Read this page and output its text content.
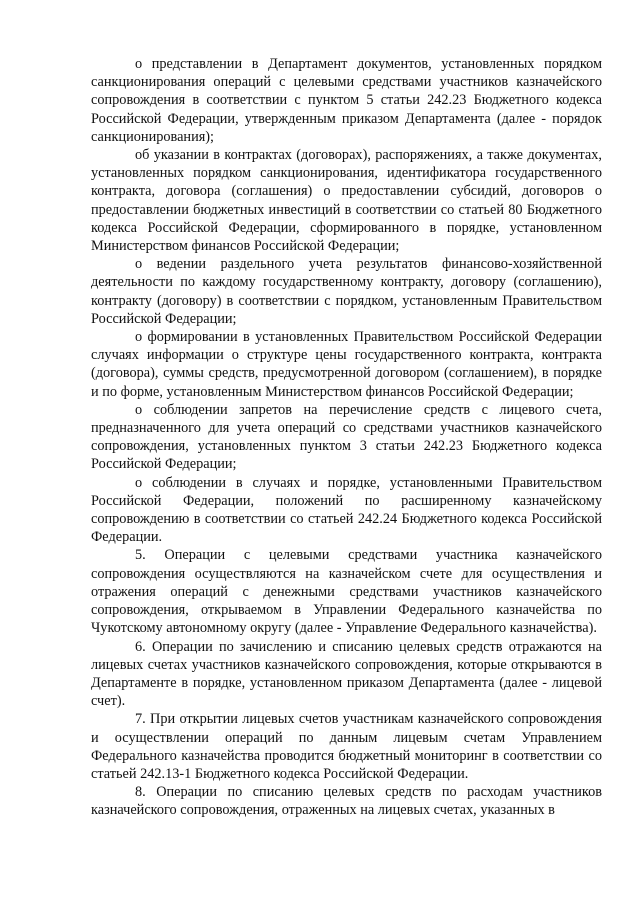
о представлении в Департамент документов, установленных порядком санкционирования операций с целевыми средствами участников казначейского сопровождения в соответствии с пунктом 5 статьи 242.23 Бюджетного кодекса Российской Федерации, утвержденным приказом Департамента (далее - порядок санкционирования);

об указании в контрактах (договорах), распоряжениях, а также документах, установленных порядком санкционирования, идентификатора государственного контракта, договора (соглашения) о предоставлении субсидий, договоров о предоставлении бюджетных инвестиций в соответствии со статьей 80 Бюджетного кодекса Российской Федерации, сформированного в порядке, установленном Министерством финансов Российской Федерации;

о ведении раздельного учета результатов финансово-хозяйственной деятельности по каждому государственному контракту, договору (соглашению), контракту (договору) в соответствии с порядком, установленным Правительством Российской Федерации;

о формировании в установленных Правительством Российской Федерации случаях информации о структуре цены государственного контракта, контракта (договора), суммы средств, предусмотренной договором (соглашением), в порядке и по форме, установленным Министерством финансов Российской Федерации;

о соблюдении запретов на перечисление средств с лицевого счета, предназначенного для учета операций со средствами участников казначейского сопровождения, установленных пунктом 3 статьи 242.23 Бюджетного кодекса Российской Федерации;

о соблюдении в случаях и порядке, установленными Правительством Российской Федерации, положений по расширенному казначейскому сопровождению в соответствии со статьей 242.24 Бюджетного кодекса Российской Федерации.

5. Операции с целевыми средствами участника казначейского сопровождения осуществляются на казначейском счете для осуществления и отражения операций с денежными средствами участников казначейского сопровождения, открываемом в Управлении Федерального казначейства по Чукотскому автономному округу (далее - Управление Федерального казначейства).

6. Операции по зачислению и списанию целевых средств отражаются на лицевых счетах участников казначейского сопровождения, которые открываются в Департаменте в порядке, установленном приказом Департамента (далее - лицевой счет).

7. При открытии лицевых счетов участникам казначейского сопровождения и осуществлении операций по данным лицевым счетам Управлением Федерального казначейства проводится бюджетный мониторинг в соответствии со статьей 242.13-1 Бюджетного кодекса Российской Федерации.

8. Операции по списанию целевых средств по расходам участников казначейского сопровождения, отраженных на лицевых счетах, указанных в
